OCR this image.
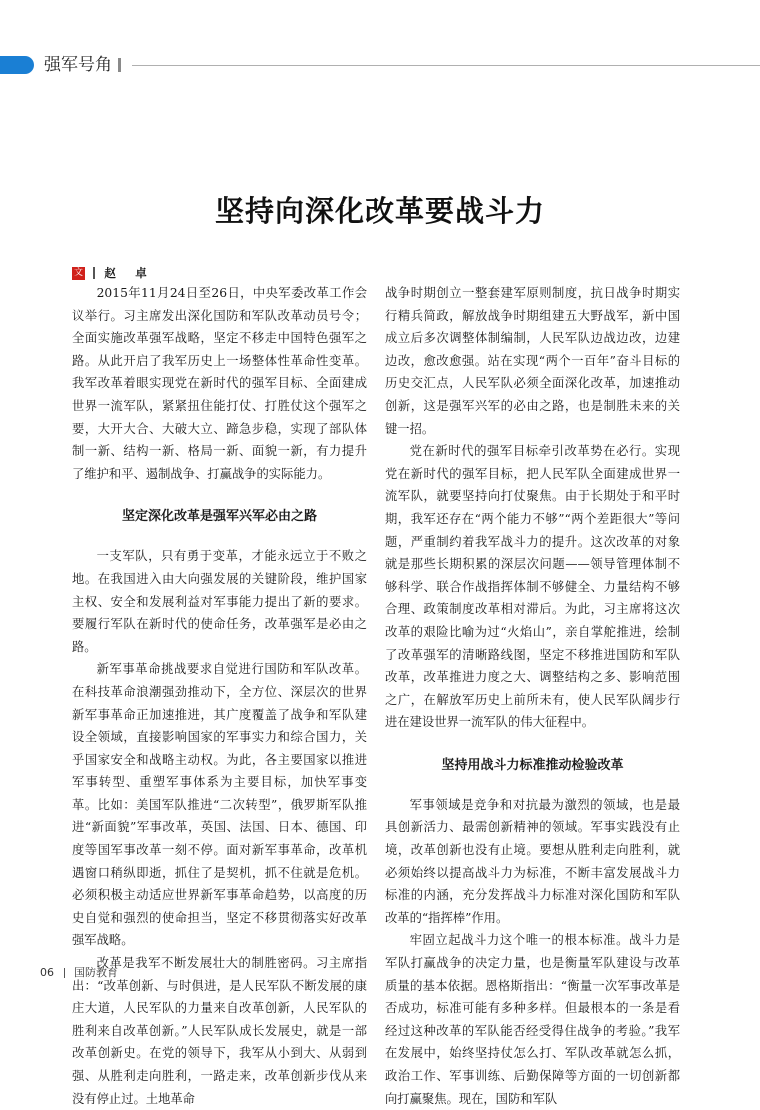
强军号角
坚持向深化改革要战斗力
文 赵　卓

2015年11月24日至26日，中央军委改革工作会议举行。习主席发出深化国防和军队改革动员号令；全面实施改革强军战略，坚定不移走中国特色强军之路。从此开启了我军历史上一场整体性革命性变革。我军改革着眼实现党在新时代的强军目标、全面建成世界一流军队，紧紧扭住能打仗、打胜仗这个强军之要，大开大合、大破大立、蹄急步稳，实现了部队体制一新、结构一新、格局一新、面貌一新，有力提升了维护和平、遏制战争、打赢战争的实际能力。

坚定深化改革是强军兴军必由之路

一支军队，只有勇于变革，才能永远立于不败之地。在我国进入由大向强发展的关键阶段，维护国家主权、安全和发展利益对军事能力提出了新的要求。要履行军队在新时代的使命任务，改革强军是必由之路。

新军事革命挑战要求自觉进行国防和军队改革。在科技革命浪潮强劲推动下，全方位、深层次的世界新军事革命正加速推进，其广度覆盖了战争和军队建设全领域，直接影响国家的军事实力和综合国力，关乎国家安全和战略主动权。为此，各主要国家以推进军事转型、重塑军事体系为主要目标，加快军事变革。比如：美国军队推进“二次转型”，俄罗斯军队推进“新面貌”军事改革，英国、法国、日本、德国、印度等国军事改革一刻不停。面对新军事革命，改革机遇窗口稍纵即逝，抓住了是契机，抓不住就是危机。必须积极主动适应世界新军事革命趋势，以高度的历史自觉和强烈的使命担当，坚定不移贯彻落实好改革强军战略。

改革是我军不断发展壮大的制胜密码。习主席指出：“改革创新、与时俱进，是人民军队不断发展的康庄大道，人民军队的力量来自改革创新，人民军队的胜利来自改革创新。”人民军队成长发展史，就是一部改革创新史。在党的领导下，我军从小到大、从弱到强、从胜利走向胜利，一路走来，改革创新步伐从来没有停止过。土地革命

战争时期创立一整套建军原则制度，抗日战争时期实行精兵简政，解放战争时期组建五大野战军，新中国成立后多次调整体制编制，人民军队边战边改，边建边改，愈改愈强。站在实现“两个一百年”奋斗目标的历史交汇点，人民军队必须全面深化改革，加速推动创新，这是强军兴军的必由之路，也是制胜未来的关键一招。

党在新时代的强军目标牵引改革势在必行。实现党在新时代的强军目标，把人民军队全面建成世界一流军队，就要坚持向打仗聚焦。由于长期处于和平时期，我军还存在“两个能力不够”“两个差距很大”等问题，严重制约着我军战斗力的提升。这次改革的对象就是那些长期积累的深层次问题——领导管理体制不够科学、联合作战指挥体制不够健全、力量结构不够合理、政策制度改革相对滞后。为此，习主席将这次改革的艰险比喻为过“火焰山”，亲自掌舵推进，绘制了改革强军的清晰路线图，坚定不移推进国防和军队改革，改革推进力度之大、调整结构之多、影响范围之广，在解放军历史上前所未有，使人民军队阔步行进在建设世界一流军队的伟大征程中。

坚持用战斗力标准推动检验改革

军事领域是竞争和对抗最为激烈的领域，也是最具创新活力、最需创新精神的领域。军事实践没有止境，改革创新也没有止境。要想从胜利走向胜利，就必须始终以提高战斗力为标准，不断丰富发展战斗力标准的内涵，充分发挥战斗力标准对深化国防和军队改革的“指挥棒”作用。

牢固立起战斗力这个唯一的根本标准。战斗力是军队打赢战争的决定力量，也是衡量军队建设与改革质量的基本依据。恩格斯指出：“衡量一次军事改革是否成功，标准可能有多种多样。但最根本的一条是看经过这种改革的军队能否经受得住战争的考验。”我军在发展中，始终坚持仗怎么打、军队改革就怎么抓，政治工作、军事训练、后勤保障等方面的一切创新都向打赢聚焦。现在，国防和军队

06 国防教育
